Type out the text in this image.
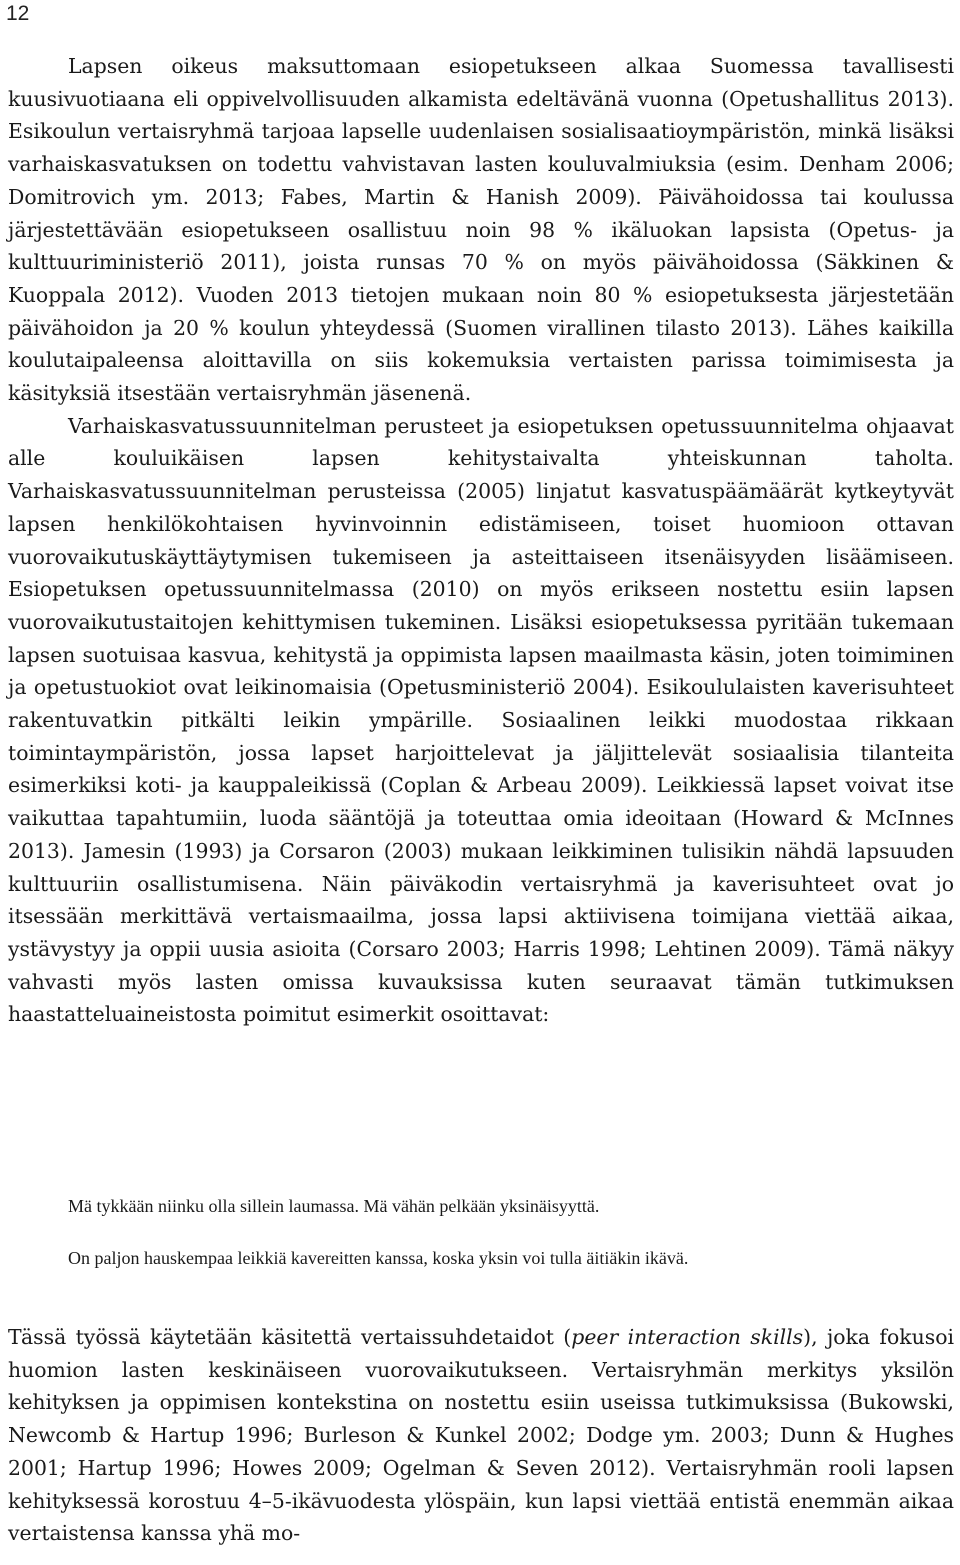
12

Lapsen oikeus maksuttomaan esiopetukseen alkaa Suomessa tavallisesti kuusivuotiaana eli oppivelvollisuuden alkamista edeltävänä vuonna (Opetushallitus 2013). Esikoulun vertaisryhmä tarjoaa lapselle uudenlaisen sosialisaatioympäristön, minkä lisäksi varhaiskasvatuksen on todettu vahvistavan lasten kouluvalmiuksia (esim. Denham 2006; Domitrovich ym. 2013; Fabes, Martin & Hanish 2009). Päivähoidossa tai koulussa järjestettävään esiopetukseen osallistuu noin 98 % ikäluokan lapsista (Opetus- ja kulttuuriministeriö 2011), joista runsas 70 % on myös päivähoidossa (Säkkinen & Kuoppala 2012). Vuoden 2013 tietojen mukaan noin 80 % esiopetuksesta järjestetään päivähoidon ja 20 % koulun yhteydessä (Suomen virallinen tilasto 2013). Lähes kaikilla koulutaipaleensa aloittavilla on siis kokemuksia vertaisten parissa toimimisesta ja käsityksiä itsestään vertaisryhmän jäsenenä.

Varhaiskasvatussuunnitelman perusteet ja esiopetuksen opetussuunnitelma ohjaavat alle kouluikäisen lapsen kehitystaivalta yhteiskunnan taholta. Varhaiskasvatussuunnitelman perusteissa (2005) linjatut kasvatuspäämäärät kytkeytyvät lapsen henkilökohtaisen hyvinvoinnin edistämiseen, toiset huomioon ottavan vuorovaikutuskäyttäytymisen tukemiseen ja asteittaiseen itsenäisyyden lisäämiseen. Esiopetuksen opetussuunnitelmassa (2010) on myös erikseen nostettu esiin lapsen vuorovaikutustaitojen kehittymisen tukeminen. Lisäksi esiopetuksessa pyritään tukemaan lapsen suotuisaa kasvua, kehitystä ja oppimista lapsen maailmasta käsin, joten toimiminen ja opetustuokiot ovat leikinomaisia (Opetusministeriö 2004). Esikoululaisten kaverisuhteet rakentuvatkin pitkälti leikin ympärille. Sosiaalinen leikki muodostaa rikkaan toimintaympäristön, jossa lapset harjoittelevat ja jäljittelevät sosiaalisia tilanteita esimerkiksi koti- ja kauppaleikissä (Coplan & Arbeau 2009). Leikkiessä lapset voivat itse vaikuttaa tapahtumiin, luoda sääntöjä ja toteuttaa omia ideoitaan (Howard & McInnes 2013). Jamesin (1993) ja Corsaron (2003) mukaan leikkiminen tulisikin nähdä lapsuuden kulttuuriin osallistumisena. Näin päiväkodin vertaisryhmä ja kaverisuhteet ovat jo itsessään merkittävä vertaismaailma, jossa lapsi aktiivisena toimijana viettää aikaa, ystävystyy ja oppii uusia asioita (Corsaro 2003; Harris 1998; Lehtinen 2009). Tämä näkyy vahvasti myös lasten omissa kuvauksissa kuten seuraavat tämän tutkimuksen haastatteluaineistosta poimitut esimerkit osoittavat:

Mä tykkään niinku olla sillein laumassa. Mä vähän pelkään yksinäisyyttä.

On paljon hauskempaa leikkiä kavereitten kanssa, koska yksin voi tulla äitiäkin ikävä.

Tässä työssä käytetään käsitettä vertaissuhdetaidot (peer interaction skills), joka fokusoi huomion lasten keskinäiseen vuorovaikutukseen. Vertaisryhmän merkitys yksilön kehityksen ja oppimisen kontekstina on nostettu esiin useissa tutkimuksissa (Bukowski, Newcomb & Hartup 1996; Burleson & Kunkel 2002; Dodge ym. 2003; Dunn & Hughes 2001; Hartup 1996; Howes 2009; Ogelman & Seven 2012). Vertaisryhmän rooli lapsen kehityksessä korostuu 4–5-ikävuodesta ylöspäin, kun lapsi viettää entistä enemmän aikaa vertaistensa kanssa yhä mo-
